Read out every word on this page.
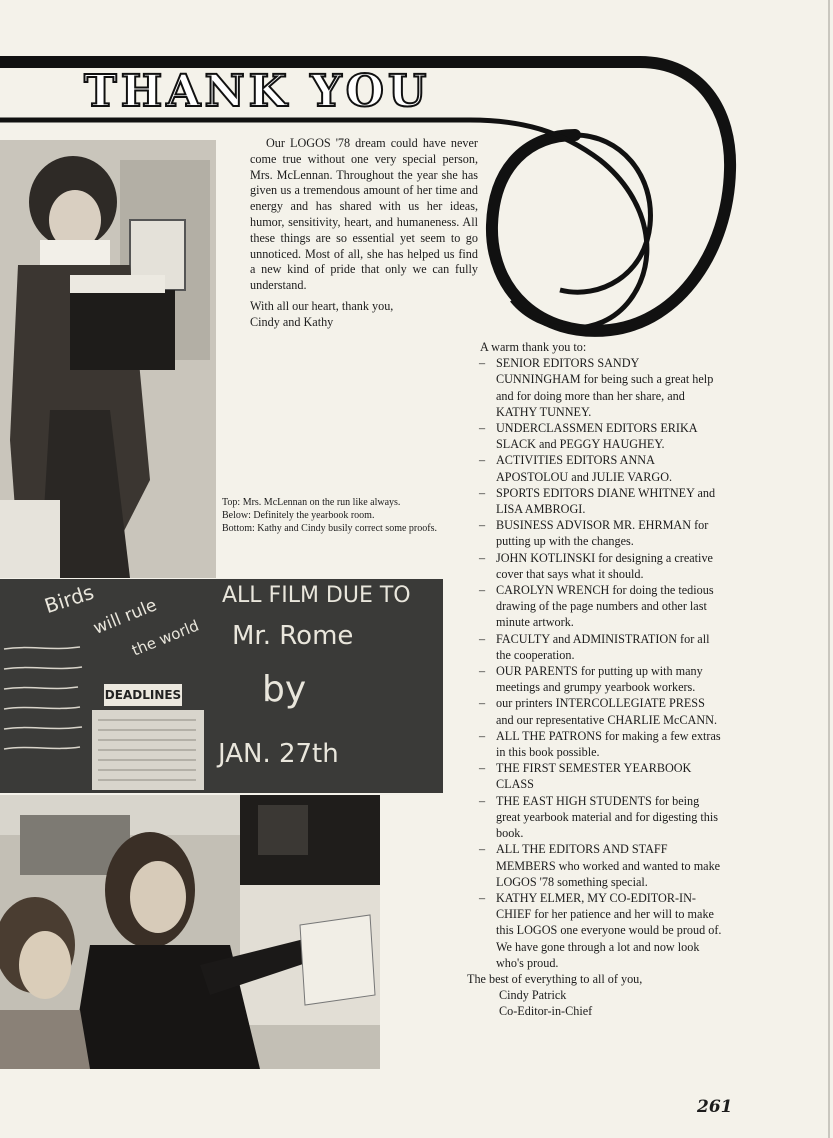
THANK YOU

Our LOGOS '78 dream could have never come true without one very special person, Mrs. McLennan. Throughout the year she has given us a tremendous amount of her time and energy and has shared with us her ideas, humor, sensitivity, heart, and humaneness. All these things are so essential yet seem to go unnoticed. Most of all, she has helped us find a new kind of pride that only we can fully understand.

With all our heart, thank you,
Cindy and Kathy
Top: Mrs. McLennan on the run like always.
Below: Definitely the yearbook room.
Bottom: Kathy and Cindy busily correct some proofs.
ALL FILM DUE TO
Mr. Rome
by
JAN. 27th
Birds
will rule
the world
DEADLINES

A warm thank you to:

– SENIOR EDITORS SANDY CUNNINGHAM for being such a great help and for doing more than her share, and KATHY TUNNEY.
– UNDERCLASSMEN EDITORS ERIKA SLACK and PEGGY HAUGHEY.
– ACTIVITIES EDITORS ANNA APOSTOLOU and JULIE VARGO.
– SPORTS EDITORS DIANE WHITNEY and LISA AMBROGI.
– BUSINESS ADVISOR MR. EHRMAN for putting up with the changes.
– JOHN KOTLINSKI for designing a creative cover that says what it should.
– CAROLYN WRENCH for doing the tedious drawing of the page numbers and other last minute artwork.
– FACULTY and ADMINISTRATION for all the cooperation.
– OUR PARENTS for putting up with many meetings and grumpy yearbook workers.
– our printers INTERCOLLEGIATE PRESS and our representative CHARLIE McCANN.
– ALL THE PATRONS for making a few extras in this book possible.
– THE FIRST SEMESTER YEARBOOK CLASS
– THE EAST HIGH STUDENTS for being great yearbook material and for digesting this book.
– ALL THE EDITORS AND STAFF MEMBERS who worked and wanted to make LOGOS '78 something special.
– KATHY ELMER, MY CO-EDITOR-IN-CHIEF for her patience and her will to make this LOGOS one everyone would be proud of. We have gone through a lot and now look who's proud.
The best of everything to all of you,
Cindy Patrick
Co-Editor-in-Chief
261
